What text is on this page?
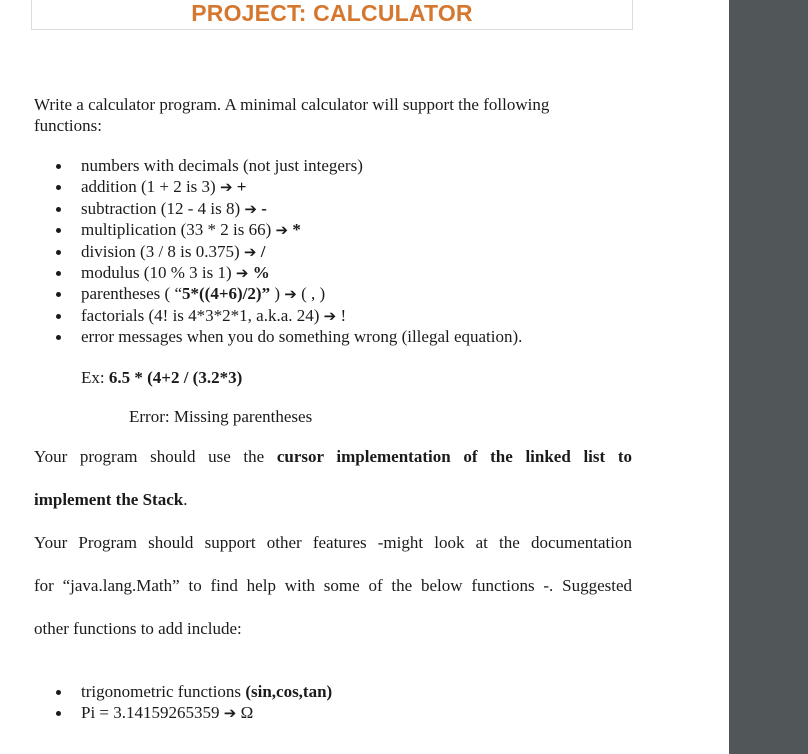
PROJECT: CALCULATOR
Write a calculator program. A minimal calculator will support the following functions:
numbers with decimals (not just integers)
addition (1 + 2 is 3) ➔ +
subtraction (12 - 4 is 8) ➔ -
multiplication (33 * 2 is 66) ➔ *
division (3 / 8 is 0.375) ➔ /
modulus (10 % 3 is 1) ➔ %
parentheses ( “5*((4+6)/2)” ) ➔ ( , )
factorials (4! is 4*3*2*1, a.k.a. 24) ➔ !
error messages when you do something wrong (illegal equation).
Ex: 6.5 * (4+2 / (3.2*3)
Error: Missing parentheses
Your program should use the cursor implementation of the linked list to
implement the Stack.
Your Program should support other features -might look at the documentation
for “java.lang.Math” to find help with some of the below functions -. Suggested
other functions to add include:
trigonometric functions (sin,cos,tan)
Pi = 3.14159265359 ➔ Ω
